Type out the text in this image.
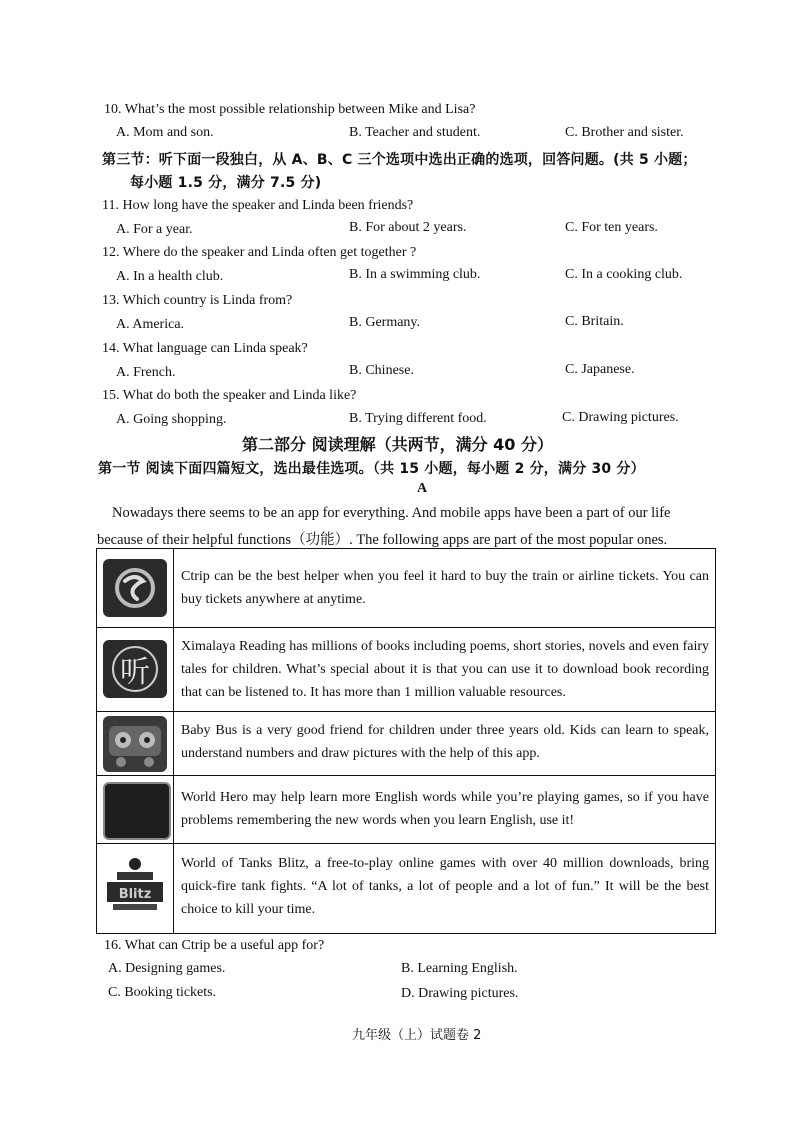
10. What’s the most possible relationship between Mike and Lisa?
A. Mom and son.	B. Teacher and student.	C. Brother and sister.
第三节：听下面一段独白，从 A、B、C 三个选项中选出正确的选项，回答问题。(共 5 小题；
每小题 1.5 分，满分 7.5 分)
11. How long have the speaker and Linda been friends?
A. For a year.	B. For about 2 years.	C. For ten years.
12. Where do the speaker and Linda often get together ?
A. In a health club.	B. In a swimming club.	C. In a cooking club.
13. Which country is Linda from?
A. America.	B. Germany.	C. Britain.
14. What language can Linda speak?
A. French.	B. Chinese.	C. Japanese.
15. What do both the speaker and Linda like?
A. Going shopping.	B. Trying different food.	C. Drawing pictures.
第二部分 阅读理解（共两节，满分 40 分）
第一节 阅读下面四篇短文，选出最佳选项。（共 15 小题，每小题 2 分，满分 30 分）
A
Nowadays there seems to be an app for everything. And mobile apps have been a part of our life
because of their helpful functions（功能）. The following apps are part of the most popular ones.
Ctrip can be the best helper when you feel it hard to buy the train or airline tickets. You can buy tickets anywhere at anytime.
听
Ximalaya Reading has millions of books including poems, short stories, novels and even fairy tales for children. What’s special about it is that you can use it to download book recording that can be listened to. It has more than 1 million valuable resources.
Baby Bus is a very good friend for children under three years old. Kids can learn to speak, understand numbers and draw pictures with the help of this app.
World Hero may help learn more English words while you’re playing games, so if you have problems remembering the new words when you learn English, use it!
Blitz
World of Tanks Blitz, a free-to-play online games with over 40 million downloads, bring quick-fire tank fights. “A lot of tanks, a lot of people and a lot of fun.” It will be the best choice to kill your time.
16. What can Ctrip be a useful app for?
A. Designing games.	B. Learning English.
C. Booking tickets.	D. Drawing pictures.
九年级（上）试题卷 2
